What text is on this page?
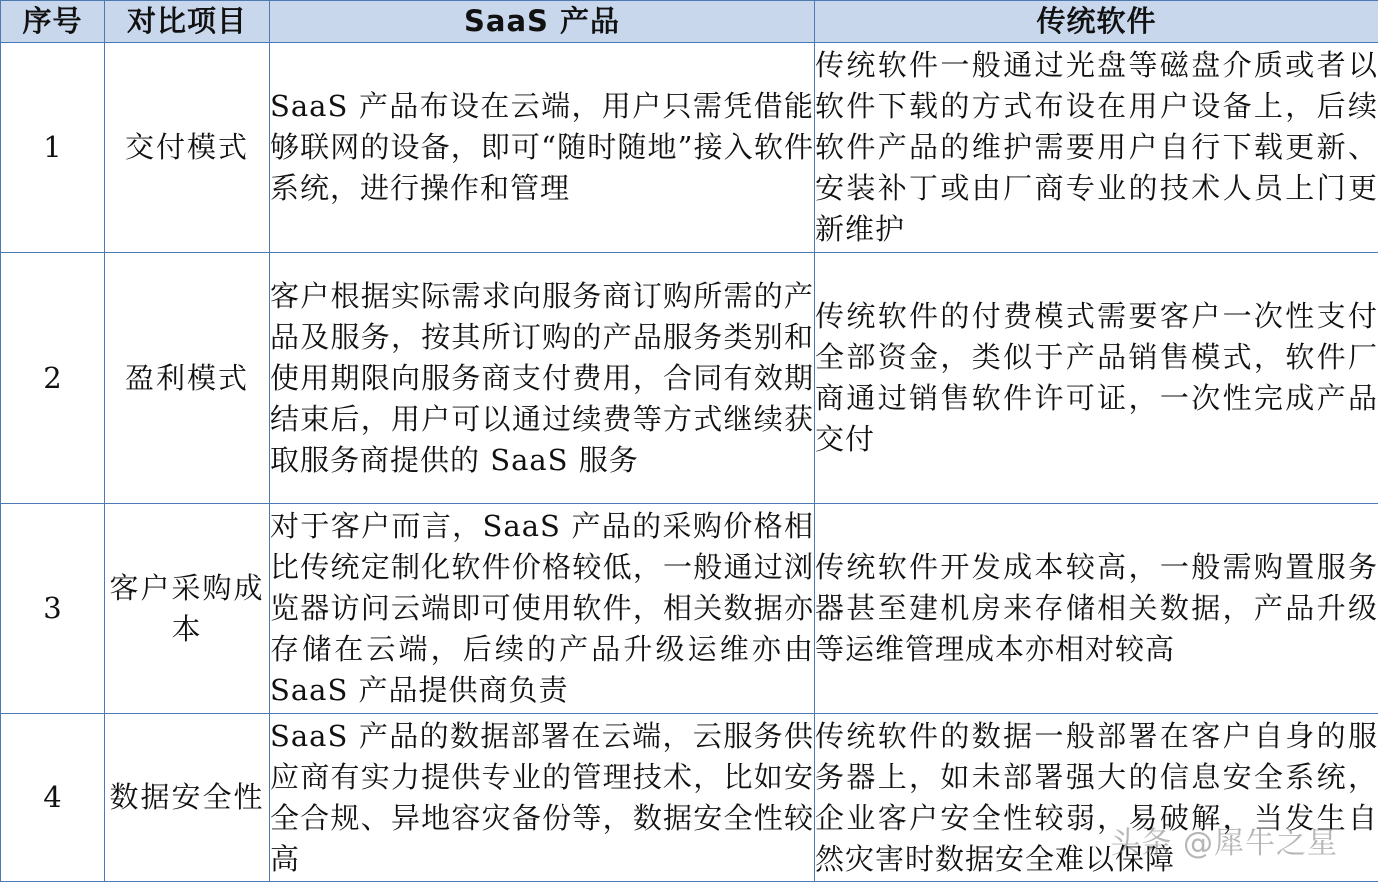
序号	对比项目	SaaS 产品	传统软件
1	交付模式	SaaS 产品布设在云端，用户只需凭借能够联网的设备，即可“随时随地”接入软件系统，进行操作和管理	传统软件一般通过光盘等磁盘介质或者以软件下载的方式布设在用户设备上，后续软件产品的维护需要用户自行下载更新、安装补丁或由厂商专业的技术人员上门更新维护
2	盈利模式	客户根据实际需求向服务商订购所需的产品及服务，按其所订购的产品服务类别和使用期限向服务商支付费用，合同有效期结束后，用户可以通过续费等方式继续获取服务商提供的 SaaS 服务	传统软件的付费模式需要客户一次性支付全部资金，类似于产品销售模式，软件厂商通过销售软件许可证，一次性完成产品交付
3	客户采购成本	对于客户而言，SaaS 产品的采购价格相比传统定制化软件价格较低，一般通过浏览器访问云端即可使用软件，相关数据亦存储在云端，后续的产品升级运维亦由 SaaS 产品提供商负责	传统软件开发成本较高，一般需购置服务器甚至建机房来存储相关数据，产品升级等运维管理成本亦相对较高
4	数据安全性	SaaS 产品的数据部署在云端，云服务供应商有实力提供专业的管理技术，比如安全合规、异地容灾备份等，数据安全性较高	传统软件的数据一般部署在客户自身的服务器上，如未部署强大的信息安全系统，企业客户安全性较弱，易破解，当发生自然灾害时数据安全难以保障
头条 @犀牛之星
